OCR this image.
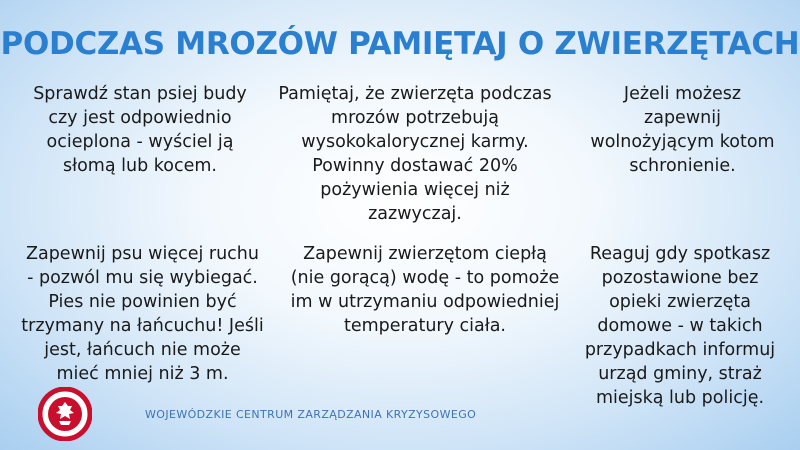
PODCZAS MROZÓW PAMIĘTAJ O ZWIERZĘTACH
Sprawdź stan psiej budy
czy jest odpowiednio
ocieplona - wyściel ją
słomą lub kocem.
Pamiętaj, że zwierzęta podczas
mrozów potrzebują
wysokokalorycznej karmy.
Powinny dostawać 20%
pożywienia więcej niż
zazwyczaj.
Jeżeli możesz
zapewnij
wolnożyjącym kotom
schronienie.
Zapewnij psu więcej ruchu
- pozwól mu się wybiegać.
Pies nie powinien być
trzymany na łańcuchu! Jeśli
jest, łańcuch nie może
mieć mniej niż 3 m.
Zapewnij zwierzętom ciepłą
(nie gorącą) wodę - to pomoże
im w utrzymaniu odpowiedniej
temperatury ciała.
Reaguj gdy spotkasz
pozostawione bez
opieki zwierzęta
domowe - w takich
przypadkach informuj
urząd gminy, straż
miejską lub policję.
WOJEWÓDZKIE CENTRUM ZARZĄDZANIA KRYZYSOWEGO
